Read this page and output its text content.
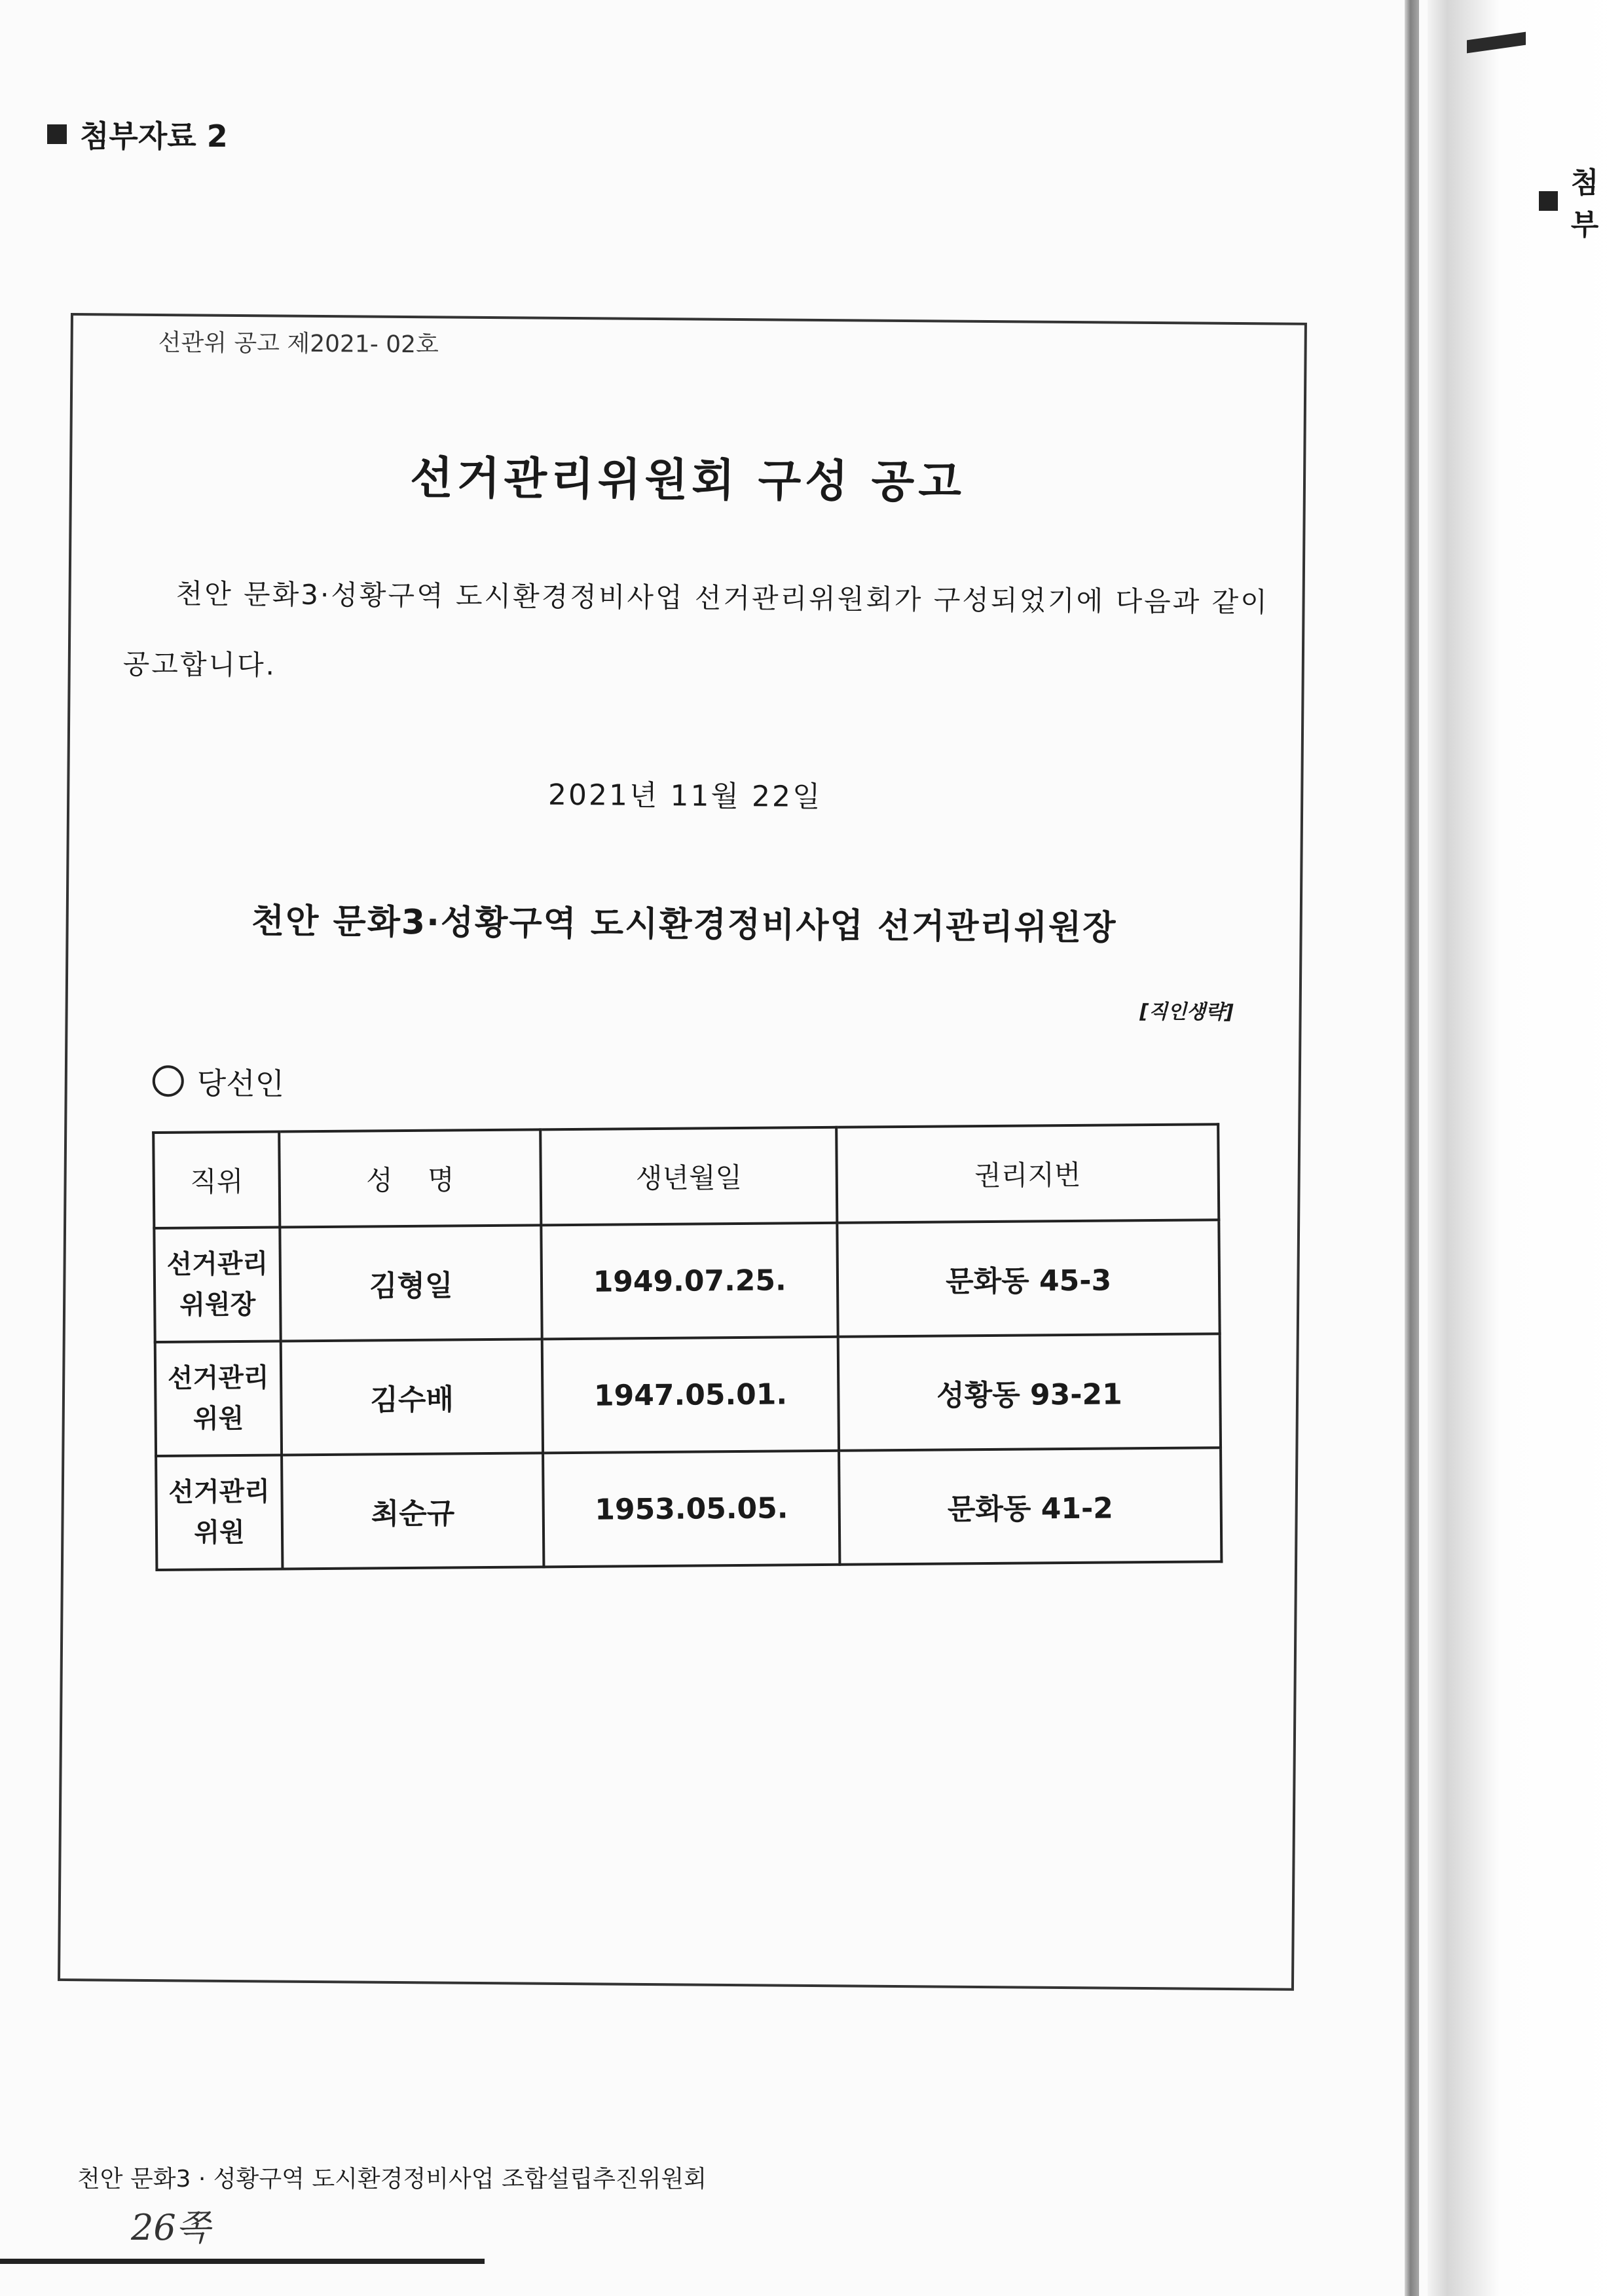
첨부자료 2
첨부
선관위 공고 제2021- 02호
선거관리위원회 구성 공고
천안 문화3·성황구역 도시환경정비사업 선거관리위원회가 구성되었기에 다음과 같이 공고합니다.
2021년 11월 22일
천안 문화3·성황구역 도시환경정비사업 선거관리위원장
[직인생략]
당선인
직위	성    명	생년월일	권리지번
선거관리
위원장	김형일	1949.07.25.	문화동 45-3
선거관리
위원	김수배	1947.05.01.	성황동 93-21
선거관리
위원	최순규	1953.05.05.	문화동 41-2
천안 문화3 · 성황구역 도시환경정비사업 조합설립추진위원회
26쪽
